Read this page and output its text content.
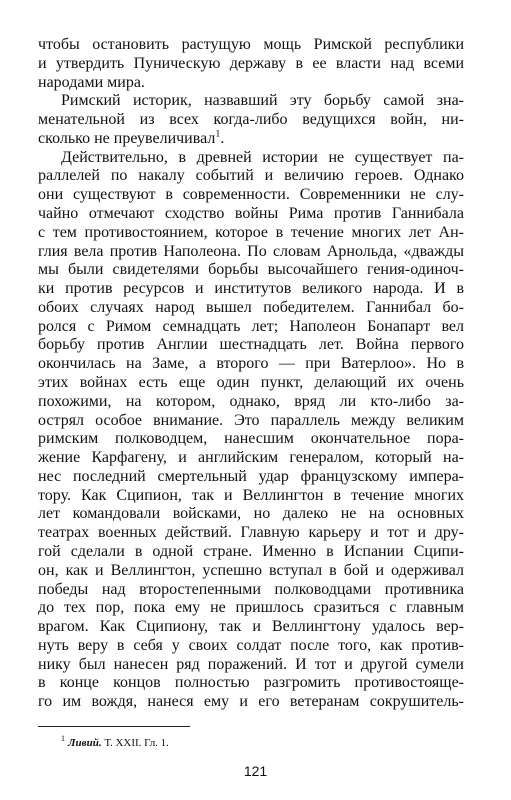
чтобы остановить растущую мощь Римской республики
и утвердить Пуническую державу в ее власти над всеми
народами мира.
Римский историк, назвавший эту борьбу самой зна-
менательной из всех когда-либо ведущихся войн, ни-
сколько не преувеличивал$^1$.
Действительно, в древней истории не существует па-
раллелей по накалу событий и величию героев. Однако
они существуют в современности. Современники не слу-
чайно отмечают сходство войны Рима против Ганнибала
с тем противостоянием, которое в течение многих лет Ан-
глия вела против Наполеона. По словам Арнольда, «дважды
мы были свидетелями борьбы высочайшего гения-одиноч-
ки против ресурсов и институтов великого народа. И в
обоих случаях народ вышел победителем. Ганнибал бо-
ролся с Римом семнадцать лет; Наполеон Бонапарт вел
борьбу против Англии шестнадцать лет. Война первого
окончилась на Заме, а второго — при Ватерлоо». Но в
этих войнах есть еще один пункт, делающий их очень
похожими, на котором, однако, вряд ли кто-либо за-
острял особое внимание. Это параллель между великим
римским полководцем, нанесшим окончательное пора-
жение Карфагену, и английским генералом, который на-
нес последний смертельный удар французскому импера-
тору. Как Сципион, так и Веллингтон в течение многих
лет командовали войсками, но далеко не на основных
театрах военных действий. Главную карьеру и тот и дру-
гой сделали в одной стране. Именно в Испании Сципи-
он, как и Веллингтон, успешно вступал в бой и одерживал
победы над второстепенными полководцами противника
до тех пор, пока ему не пришлось сразиться с главным
врагом. Как Сципиону, так и Веллингтону удалось вер-
нуть веру в себя у своих солдат после того, как против-
нику был нанесен ряд поражений. И тот и другой сумели
в конце концов полностью разгромить противостояще-
го им вождя, нанеся ему и его ветеранам сокрушитель-
$^1$ Ливий. Т. XXII. Гл. 1.
121
